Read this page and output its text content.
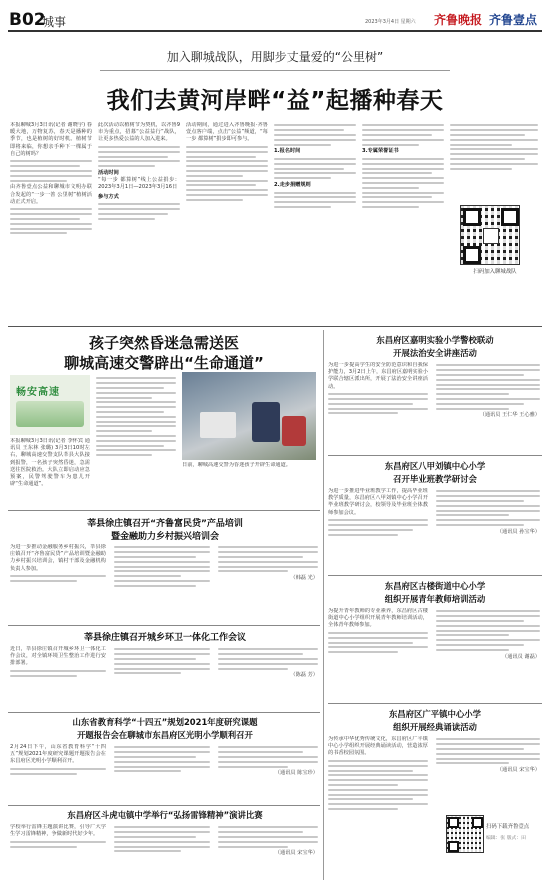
B02
城事	2023年3月4日 星期六 齐鲁晚报 齐鲁壹点
加入聊城战队，用脚步丈量爱的“公里树”
我们去黄河岸畔“益”起播种春天
本报聊城3月3日讯(记者 谢晓宇) 春暖大地，万物复苏，春天是播种的季节，也是植树的好时机。植树节即将来临，你想亲手种下一棵属于自己的树吗？
由齐鲁壹点公益和聊城市文明办联合发起的“一步一善 公里树”植树活动正式开启。
此次活动以植树节为契机，以齐鲁9市为重点，招募“公益益行”战队，让更多热爱公益的人加入进来。
活动时间
“每一步 都算树”线上公益捐步：2023年3月1日—2023年3月16日
参与方式
活动期间，通过进入齐鲁晚报·齐鲁壹点客户端，点击“公益”频道，“每一步 都算树”捐步即可参与。
1.报名时间
2.走步捐赠规则
3.专属荣誉证书
扫码加入聊城战队
孩子突然昏迷急需送医
聊城高速交警辟出“生命通道”
畅安高速
本报聊城3月3日讯(记者 李怀宾 通讯员 王东林 张璐) 3月3日10时左右，聊城高速交警支队莘县大队接到报警，一名孩子突然昏迷，急需送往医院救治。大队立即启动应急预案，民警驾驶警车为患儿开辟“生命通道”。
日前，聊城高速交警为昏迷孩子开辟生命通道。
莘县徐庄镇召开“齐鲁富民贷”产品培训
暨金融助力乡村振兴培训会
为进一步推动金融服务乡村振兴，莘县徐庄镇召开“齐鲁富民贷”产品培训暨金融助力乡村振兴培训会，镇村干部及金融机构负责人参加。
（韩磊 光）
莘县徐庄镇召开城乡环卫一体化工作会议
近日，莘县徐庄镇召开城乡环卫一体化工作会议，对全镇环境卫生整治工作进行安排部署。
（陈磊 芳）
山东省教育科学“十四五”规划2021年度研究课题
开题报告会在聊城市东昌府区光明小学顺利召开
2月24日下午，山东省教育科学“十四五”规划2021年度研究课题开题报告会在东昌府区光明小学顺利召开。
（通讯员 陈宝珍）
东昌府区斗虎屯镇中学举行“弘扬雷锋精神”演讲比赛
学校举行雷锋主题演讲比赛，引导广大学生学习雷锋精神，争做新时代好少年。
（通讯员 宋宝华）
东昌府区嘉明实验小学警校联动
开展法治安全讲座活动
为进一步提高学生的安全防范意识和自我保护能力，3月2日上午，东昌府区嘉明实验小学联合辖区派出所，开展了法治安全讲座活动。
（通讯员 王仁华 王心雅）
东昌府区八甲刘镇中心小学
召开毕业班教学研讨会
为进一步推进毕业班教学工作，提高毕业班教学质量，东昌府区八甲刘镇中心小学召开毕业班教学研讨会，校领导及毕业班全体教师参加会议。
（通讯员 孙宝华）
东昌府区古楼街道中心小学
组织开展青年教师培训活动
为提升青年教师的专业素养，东昌府区古楼街道中心小学组织开展青年教师培训活动，全体青年教师参加。
（通讯员 谢磊）
东昌府区广平镇中心小学
组织开展经典诵读活动
为传承中华优秀传统文化，东昌府区广平镇中心小学组织开展经典诵读活动，营造浓厚的书香校园氛围。
（通讯员 宋宝华）
扫码下载齐鲁壹点
编辑：张 版式：田
